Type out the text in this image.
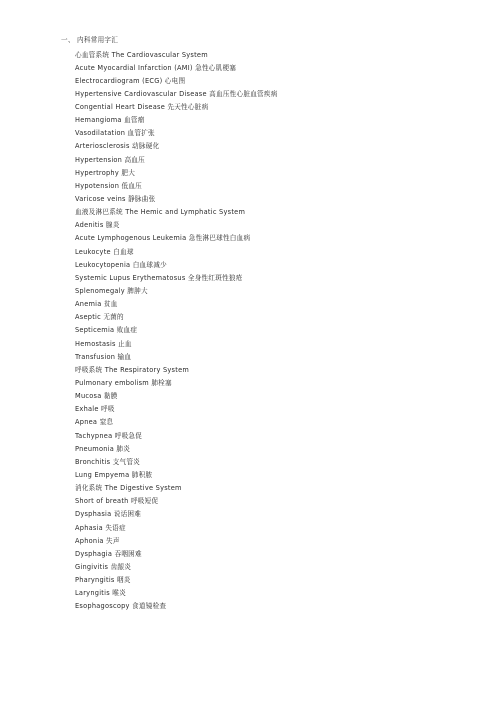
一、 内科常用字汇
心血管系统 The Cardiovascular System
Acute Myocardial Infarction (AMI) 急性心肌梗塞
Electrocardiogram (ECG) 心电图
Hypertensive Cardiovascular Disease 高血压性心脏血管疾病
Congential Heart Disease 先天性心脏病
Hemangioma 血管瘤
Vasodilatation 血管扩张
Arteriosclerosis 动脉硬化
Hypertension 高血压
Hypertrophy 肥大
Hypotension 低血压
Varicose veins 静脉曲张
血液及淋巴系统 The Hemic and Lymphatic System
Adenitis 腺炎
Acute Lymphogenous Leukemia 急性淋巴球性白血病
Leukocyte 白血球
Leukocytopenia 白血球减少
Systemic Lupus Erythematosus 全身性红斑性狼疮
Splenomegaly 脾肿大
Anemia 贫血
Aseptic 无菌的
Septicemia 败血症
Hemostasis 止血
Transfusion 输血
呼吸系统 The Respiratory System
Pulmonary embolism 肺栓塞
Mucosa 黏膜
Exhale 呼吸
Apnea 窒息
Tachypnea 呼吸急促
Pneumonia 肺炎
Bronchitis 支气管炎
Lung Empyema 肺积脓
消化系统 The Digestive System
Short of breath 呼吸短促
Dysphasia 说话困难
Aphasia 失语症
Aphonia 失声
Dysphagia 吞咽困难
Gingivitis 齿龈炎
Pharyngitis 咽炎
Laryngitis 喉炎
Esophagoscopy 食道镜检查
